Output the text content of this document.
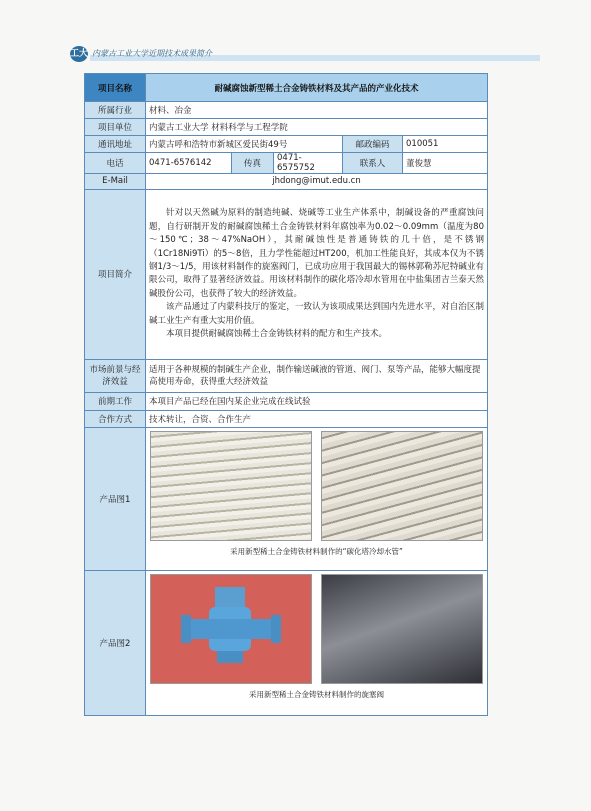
工大 内蒙古工业大学近期技术成果简介
项目名称	耐碱腐蚀新型稀土合金铸铁材料及其产品的产业化技术				
所属行业	材料、冶金				
项目单位	内蒙古工业大学 材料科学与工程学院				
通讯地址	内蒙古呼和浩特市新城区爱民街49号			邮政编码	010051
电话	0471-6576142	传真	0471-6575752	联系人	董俊慧
E-Mail	jhdong@imut.edu.cn				
项目简介	针对以天然碱为原料的制造纯碱、烧碱等工业生产体系中，制碱设备的严重腐蚀问题，自行研制开发的耐碱腐蚀稀土合金铸铁材料年腐蚀率为0.02～0.09mm（温度为80～150℃；38～47%NaOH），其耐碱蚀性是普通铸铁的几十倍，是不锈钢（1Cr18Ni9Ti）的5～8倍，且力学性能超过HT200，机加工性能良好，其成本仅为不锈钢1/3～1/5，用该材料制作的旋塞阀门，已成功应用于我国最大的锡林郭勒苏尼特碱业有限公司，取得了显著经济效益。用该材料制作的碳化塔冷却水管用在中盐集团吉兰泰天然碱股份公司，也获得了较大的经济效益。

该产品通过了内蒙科技厅的鉴定，一致认为该项成果达到国内先进水平，对自治区制碱工业生产有重大实用价值。

本项目提供耐碱腐蚀稀土合金铸铁材料的配方和生产技术。				

市场前景与经济效益	适用于各种规模的制碱生产企业，制作输送碱液的管道、阀门、泵等产品，能够大幅度提高使用寿命，获得重大经济效益				
前期工作	本项目产品已经在国内某企业完成在线试验				
合作方式	技术转让，合资、合作生产				
产品图1	采用新型稀土合金铸铁材料制作的“碳化塔冷却水管”				

产品图2	采用新型稀土合金铸铁材料制作的旋塞阀				
